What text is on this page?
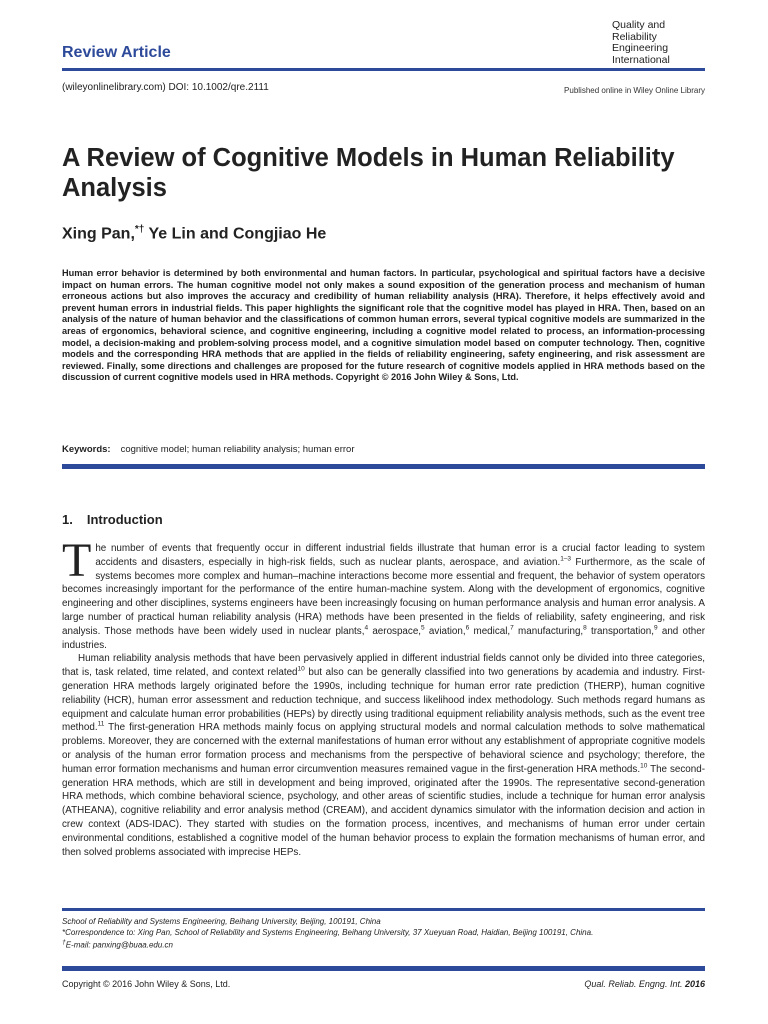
Quality and
Reliability
Engineering
International
Review Article
(wileyonlinelibrary.com) DOI: 10.1002/qre.2111	Published online in Wiley Online Library
A Review of Cognitive Models in Human Reliability Analysis
Xing Pan,*† Ye Lin and Congjiao He
Human error behavior is determined by both environmental and human factors. In particular, psychological and spiritual factors have a decisive impact on human errors. The human cognitive model not only makes a sound exposition of the generation process and mechanism of human erroneous actions but also improves the accuracy and credibility of human reliability analysis (HRA). Therefore, it helps effectively avoid and prevent human errors in industrial fields. This paper highlights the significant role that the cognitive model has played in HRA. Then, based on an analysis of the nature of human behavior and the classifications of common human errors, several typical cognitive models are summarized in the areas of ergonomics, behavioral science, and cognitive engineering, including a cognitive model related to process, an information-processing model, a decision-making and problem-solving process model, and a cognitive simulation model based on computer technology. Then, cognitive models and the corresponding HRA methods that are applied in the fields of reliability engineering, safety engineering, and risk assessment are reviewed. Finally, some directions and challenges are proposed for the future research of cognitive models applied in HRA methods based on the discussion of current cognitive models used in HRA methods. Copyright © 2016 John Wiley & Sons, Ltd.
Keywords: cognitive model; human reliability analysis; human error
1. Introduction

The number of events that frequently occur in different industrial fields illustrate that human error is a crucial factor leading to system accidents and disasters, especially in high-risk fields, such as nuclear plants, aerospace, and aviation.$^{1-3}$ Furthermore, as the scale of systems becomes more complex and human–machine interactions become more essential and frequent, the behavior of system operators becomes increasingly important for the performance of the entire human-machine system. Along with the development of ergonomics, cognitive engineering and other disciplines, systems engineers have been increasingly focusing on human performance analysis and human error analysis. A large number of practical human reliability analysis (HRA) methods have been presented in the fields of reliability, safety engineering, and risk analysis. Those methods have been widely used in nuclear plants,$^4$ aerospace,$^5$ aviation,$^6$ medical,$^7$ manufacturing,$^8$ transportation,$^9$ and other industries.

Human reliability analysis methods that have been pervasively applied in different industrial fields cannot only be divided into three categories, that is, task related, time related, and context related$^{10}$ but also can be generally classified into two generations by academia and industry. First-generation HRA methods largely originated before the 1990s, including technique for human error rate prediction (THERP), human cognitive reliability (HCR), human error assessment and reduction technique, and success likelihood index methodology. Such methods regard humans as equipment and calculate human error probabilities (HEPs) by directly using traditional equipment reliability analysis methods, such as the event tree method.$^{11}$ The first-generation HRA methods mainly focus on applying structural models and normal calculation methods to solve mathematical problems. Moreover, they are concerned with the external manifestations of human error without any establishment of appropriate cognitive models or analysis of the human error formation process and mechanisms from the perspective of behavioral science and psychology; therefore, the human error formation mechanisms and human error circumvention measures remained vague in the first-generation HRA methods.$^{10}$ The second-generation HRA methods, which are still in development and being improved, originated after the 1990s. The representative second-generation HRA methods, which combine behavioral science, psychology, and other areas of scientific studies, include a technique for human error analysis (ATHEANA), cognitive reliability and error analysis method (CREAM), and accident dynamics simulator with the information decision and action in crew context (ADS-IDAC). They started with studies on the formation process, incentives, and mechanisms of human error under certain environmental conditions, established a cognitive model of the human behavior process to explain the formation mechanisms of human error, and then solved problems associated with imprecise HEPs.

School of Reliability and Systems Engineering, Beihang University, Beijing, 100191, China
*Correspondence to: Xing Pan, School of Reliability and Systems Engineering, Beihang University, 37 Xueyuan Road, Haidian, Beijing 100191, China.
†E-mail: panxing@buaa.edu.cn
Copyright © 2016 John Wiley & Sons, Ltd.	Qual. Reliab. Engng. Int. 2016
